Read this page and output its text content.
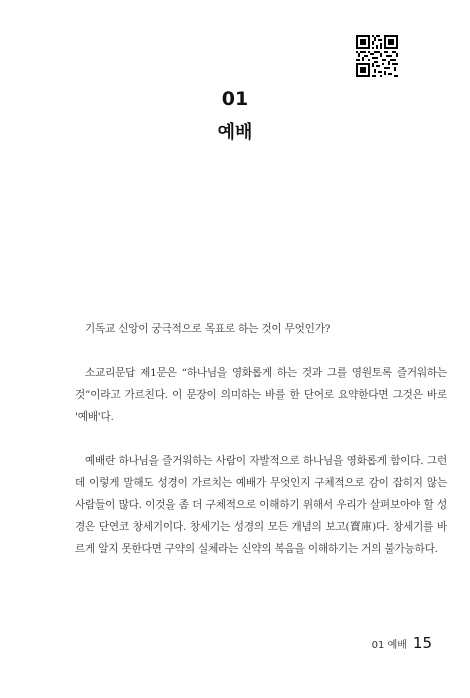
01
예배

기독교 신앙이 궁극적으로 목표로 하는 것이 무엇인가?

소교리문답 제1문은 “하나님을 영화롭게 하는 것과 그를 영원토록 즐거워하는 것”이라고 가르친다. 이 문장이 의미하는 바를 한 단어로 요약한다면 그것은 바로 '예배'다.

예배란 하나님을 즐거워하는 사람이 자발적으로 하나님을 영화롭게 함이다. 그런데 이렇게 말해도 성경이 가르치는 예배가 무엇인지 구체적으로 감이 잡히지 않는 사람들이 많다. 이것을 좀 더 구체적으로 이해하기 위해서 우리가 살펴보아야 할 성경은 단연코 창세기이다. 창세기는 성경의 모든 개념의 보고(寶庫)다. 창세기를 바르게 알지 못한다면 구약의 실체라는 신약의 복음을 이해하기는 거의 불가능하다.

01 예배 15
